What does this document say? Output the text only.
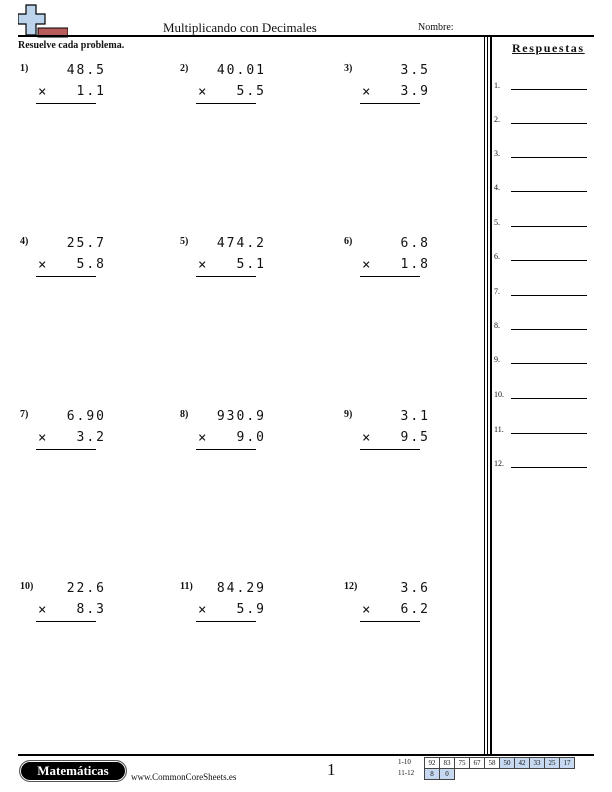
Multiplicando con Decimales	Nombre:
Resuelve cada problema.
1)	48.5
× 1.1
2) 40.01
× 5.5
3)	3.5
× 3.9
4)	25.7
× 5.8
5) 474.2
× 5.1
6)	6.8
× 1.8
7)	6.90
× 3.2
8) 930.9
× 9.0
9)	3.1
× 9.5
10)	22.6
× 8.3
11) 84.29
× 5.9
12)	3.6
× 6.2
Respuestas
1.
2.
3.
4.
5.
6.
7.
8.
9.
10.
11.
12.
Matemáticas	www.CommonCoreSheets.es	1	1-10	92	83	75	67	58	50	42	33	25	17
11-12 8	0
